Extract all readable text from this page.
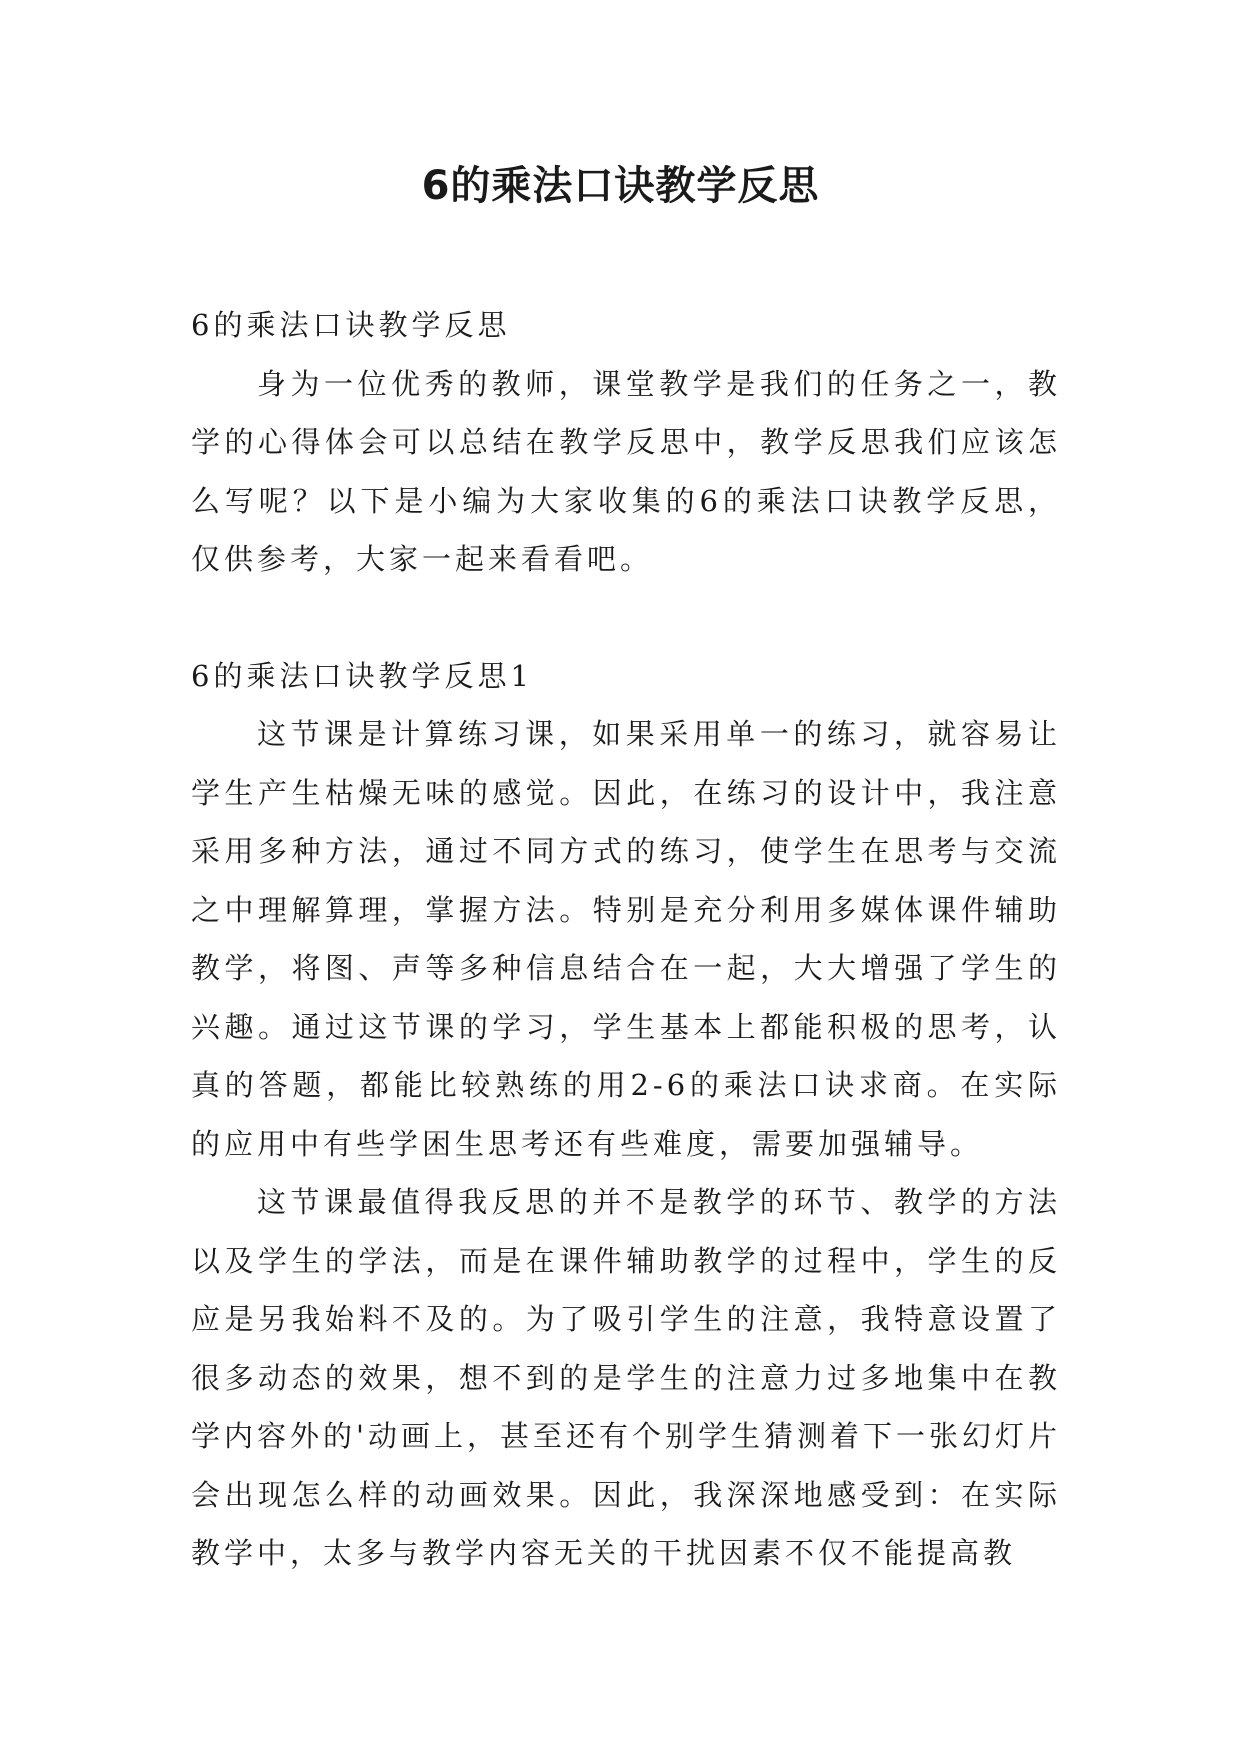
6的乘法口诀教学反思

6的乘法口诀教学反思

身为一位优秀的教师，课堂教学是我们的任务之一，教学的心得体会可以总结在教学反思中，教学反思我们应该怎么写呢？以下是小编为大家收集的6的乘法口诀教学反思，仅供参考，大家一起来看看吧。

6的乘法口诀教学反思1

这节课是计算练习课，如果采用单一的练习，就容易让学生产生枯燥无味的感觉。因此，在练习的设计中，我注意采用多种方法，通过不同方式的练习，使学生在思考与交流之中理解算理，掌握方法。特别是充分利用多媒体课件辅助教学，将图、声等多种信息结合在一起，大大增强了学生的兴趣。通过这节课的学习，学生基本上都能积极的思考，认真的答题，都能比较熟练的用2-6的乘法口诀求商。在实际的应用中有些学困生思考还有些难度，需要加强辅导。

这节课最值得我反思的并不是教学的环节、教学的方法以及学生的学法，而是在课件辅助教学的过程中，学生的反应是另我始料不及的。为了吸引学生的注意，我特意设置了很多动态的效果，想不到的是学生的注意力过多地集中在教学内容外的'动画上，甚至还有个别学生猜测着下一张幻灯片会出现怎么样的动画效果。因此，我深深地感受到：在实际教学中，太多与教学内容无关的干扰因素不仅不能提高教
